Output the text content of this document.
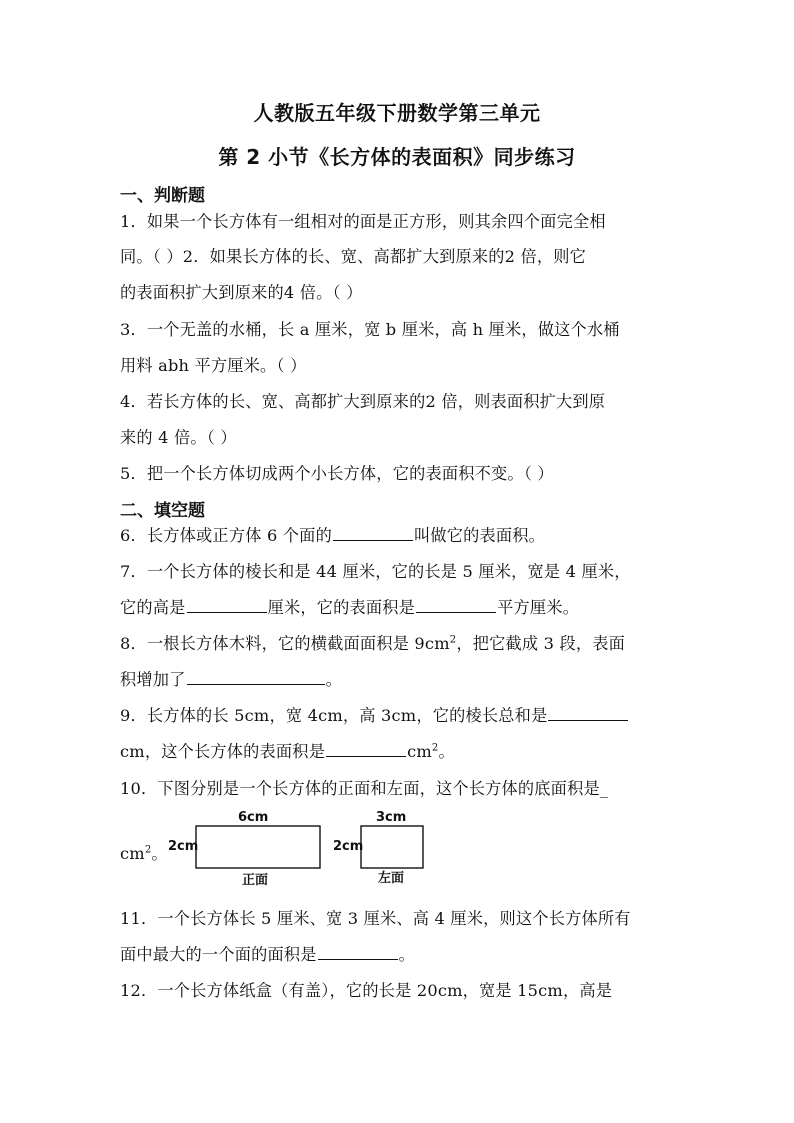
人教版五年级下册数学第三单元
第 2 小节《长方体的表面积》同步练习
一、判断题
1．如果一个长方体有一组相对的面是正方形，则其余四个面完全相
同。（ ）2．如果长方体的长、宽、高都扩大到原来的2 倍，则它
的表面积扩大到原来的4 倍。（ ）
3．一个无盖的水桶，长 a 厘米，宽 b 厘米，高 h 厘米，做这个水桶
用料 abh 平方厘米。（ ）
4．若长方体的长、宽、高都扩大到原来的2 倍，则表面积扩大到原
来的 4 倍。（ ）
5．把一个长方体切成两个小长方体，它的表面积不变。（ ）
二、填空题
6．长方体或正方体 6 个面的	叫做它的表面积。
7．一个长方体的棱长和是 44 厘米，它的长是 5 厘米，宽是 4 厘米，
它的高是	厘米，它的表面积是	平方厘米。
8．一根长方体木料，它的横截面面积是 $9cm^2$，把它截成 3 段，表面
积增加了	。
9．长方体的长 5cm，宽 4cm，高 3cm，它的棱长总和是
cm，这个长方体的表面积是	$cm^2$。
10．下图分别是一个长方体的正面和左面，这个长方体的底面积是_
$cm^2$。
6cm
2cm
正面
3cm
2cm
左面
11．一个长方体长 5 厘米、宽 3 厘米、高 4 厘米，则这个长方体所有
面中最大的一个面的面积是	。
12．一个长方体纸盒（有盖），它的长是 20cm，宽是 15cm，高是
